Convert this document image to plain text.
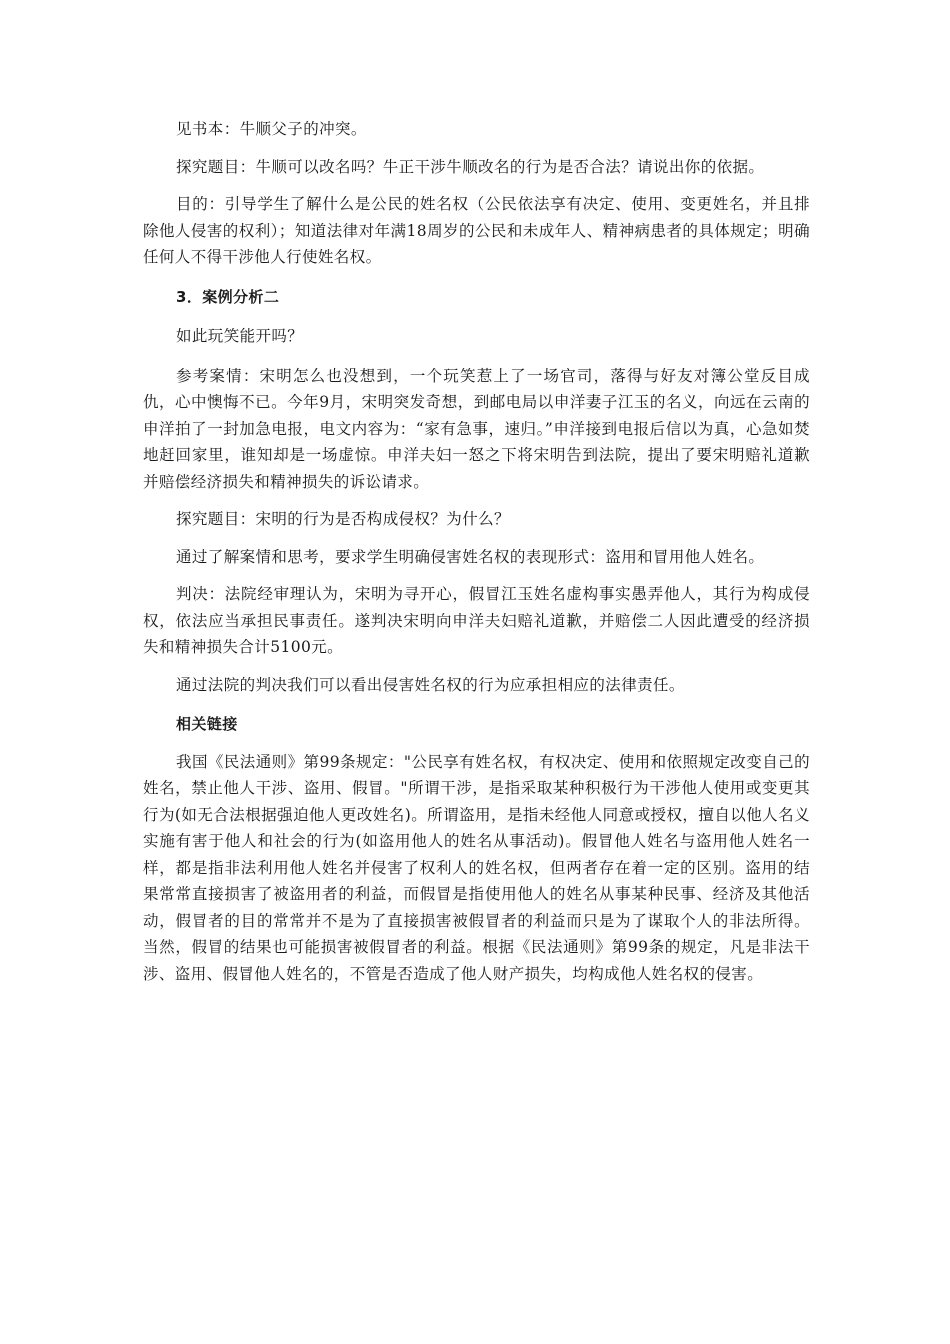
见书本：牛顺父子的冲突。

探究题目：牛顺可以改名吗？牛正干涉牛顺改名的行为是否合法？请说出你的依据。

目的：引导学生了解什么是公民的姓名权（公民依法享有决定、使用、变更姓名，并且排除他人侵害的权利）；知道法律对年满18周岁的公民和未成年人、精神病患者的具体规定；明确任何人不得干涉他人行使姓名权。

3．案例分析二

如此玩笑能开吗？

参考案情：宋明怎么也没想到，一个玩笑惹上了一场官司，落得与好友对簿公堂反目成仇，心中懊悔不已。今年9月，宋明突发奇想，到邮电局以申洋妻子江玉的名义，向远在云南的申洋拍了一封加急电报，电文内容为：“家有急事，速归。”申洋接到电报后信以为真，心急如焚地赶回家里，谁知却是一场虚惊。申洋夫妇一怒之下将宋明告到法院，提出了要宋明赔礼道歉并赔偿经济损失和精神损失的诉讼请求。

探究题目：宋明的行为是否构成侵权？为什么？

通过了解案情和思考，要求学生明确侵害姓名权的表现形式：盗用和冒用他人姓名。

判决：法院经审理认为，宋明为寻开心，假冒江玉姓名虚构事实愚弄他人，其行为构成侵权，依法应当承担民事责任。遂判决宋明向申洋夫妇赔礼道歉，并赔偿二人因此遭受的经济损失和精神损失合计5100元。

通过法院的判决我们可以看出侵害姓名权的行为应承担相应的法律责任。

相关链接

我国《民法通则》第99条规定："公民享有姓名权，有权决定、使用和依照规定改变自己的姓名，禁止他人干涉、盗用、假冒。"所谓干涉，是指采取某种积极行为干涉他人使用或变更其行为(如无合法根据强迫他人更改姓名)。所谓盗用，是指未经他人同意或授权，擅自以他人名义实施有害于他人和社会的行为(如盗用他人的姓名从事活动)。假冒他人姓名与盗用他人姓名一样，都是指非法利用他人姓名并侵害了权利人的姓名权，但两者存在着一定的区别。盗用的结果常常直接损害了被盗用者的利益，而假冒是指使用他人的姓名从事某种民事、经济及其他活动，假冒者的目的常常并不是为了直接损害被假冒者的利益而只是为了谋取个人的非法所得。当然，假冒的结果也可能损害被假冒者的利益。根据《民法通则》第99条的规定，凡是非法干涉、盗用、假冒他人姓名的，不管是否造成了他人财产损失，均构成他人姓名权的侵害。
